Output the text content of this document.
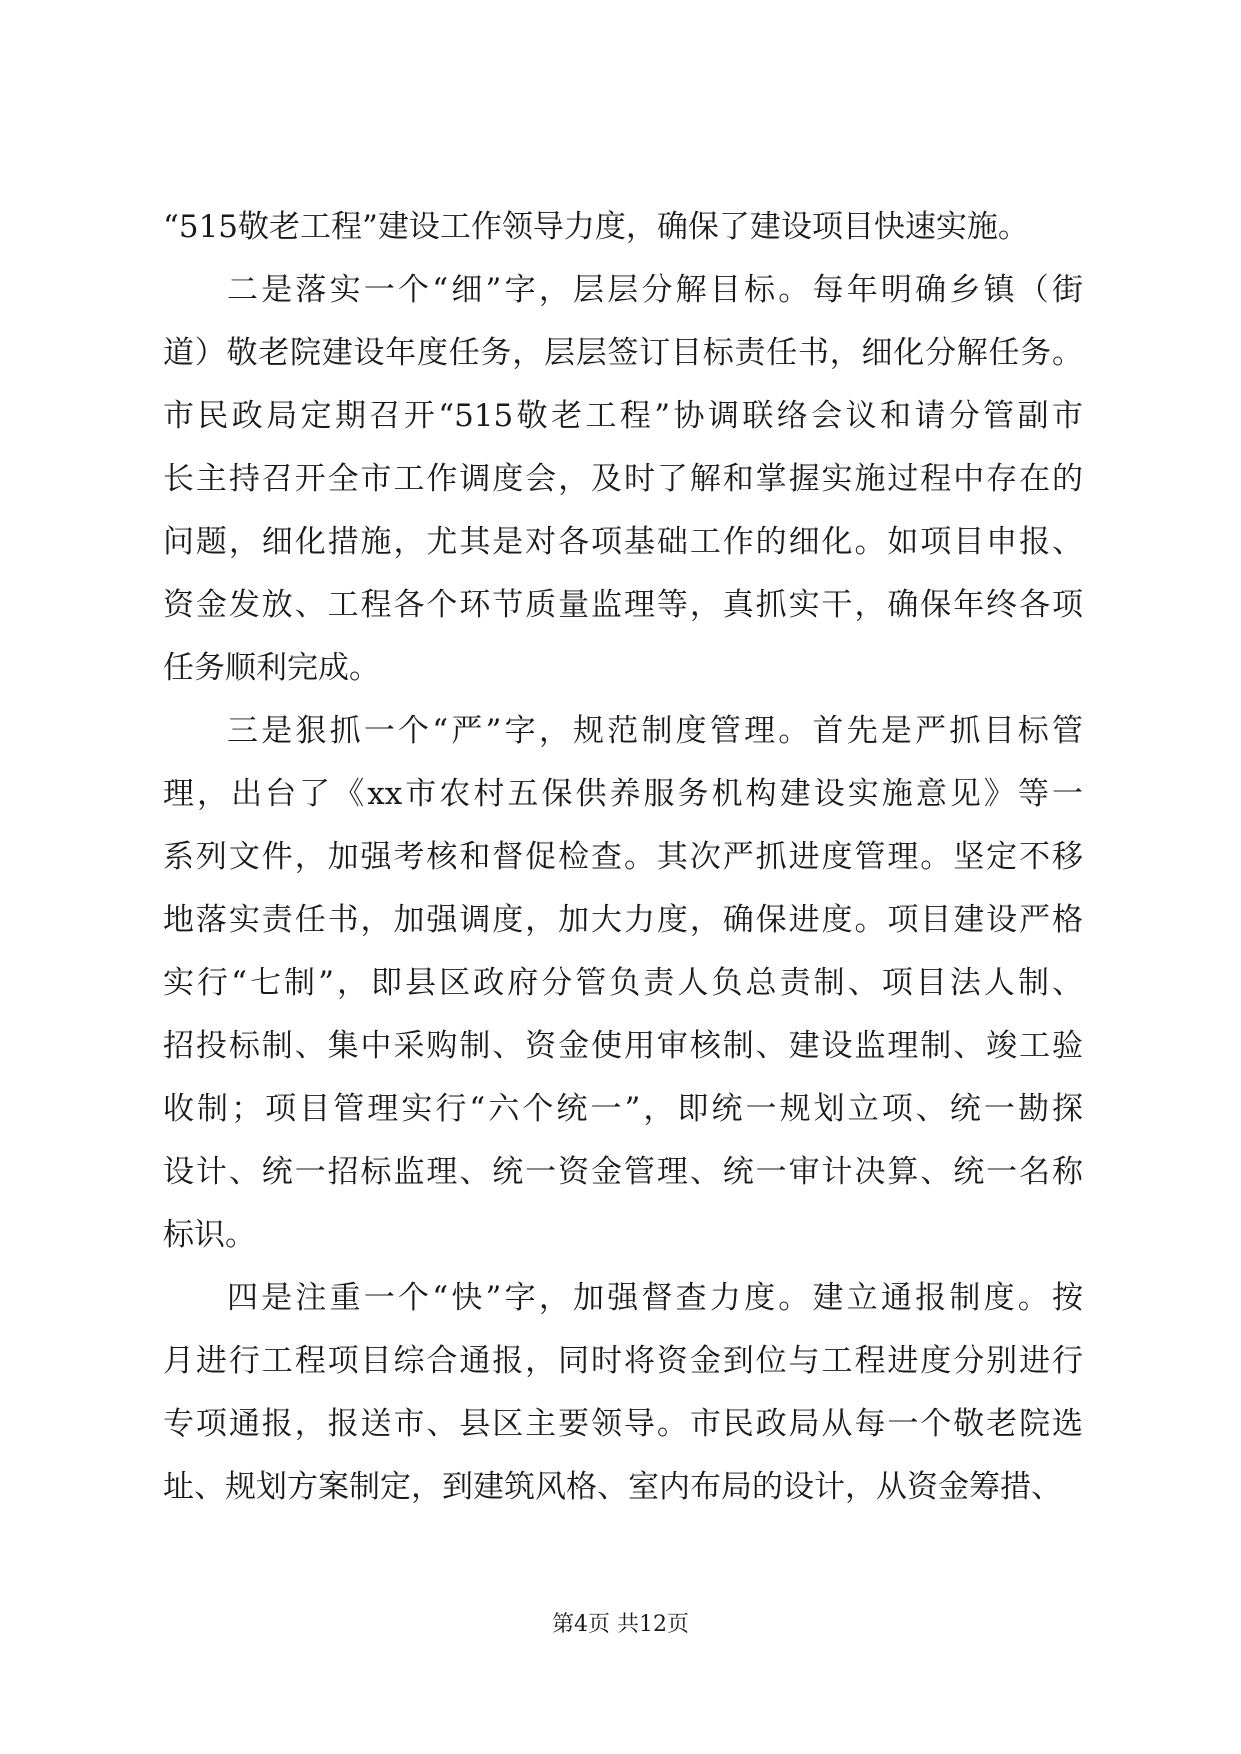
“515敬老工程”建设工作领导力度，确保了建设项目快速实施。
二是落实一个“细”字，层层分解目标。每年明确乡镇（街
道）敬老院建设年度任务，层层签订目标责任书，细化分解任务。
市民政局定期召开“515敬老工程”协调联络会议和请分管副市
长主持召开全市工作调度会，及时了解和掌握实施过程中存在的
问题，细化措施，尤其是对各项基础工作的细化。如项目申报、
资金发放、工程各个环节质量监理等，真抓实干，确保年终各项
任务顺利完成。
三是狠抓一个“严”字，规范制度管理。首先是严抓目标管
理，出台了《xx市农村五保供养服务机构建设实施意见》等一
系列文件，加强考核和督促检查。其次严抓进度管理。坚定不移
地落实责任书，加强调度，加大力度，确保进度。项目建设严格
实行“七制”，即县区政府分管负责人负总责制、项目法人制、
招投标制、集中采购制、资金使用审核制、建设监理制、竣工验
收制；项目管理实行“六个统一”，即统一规划立项、统一勘探
设计、统一招标监理、统一资金管理、统一审计决算、统一名称
标识。
四是注重一个“快”字，加强督查力度。建立通报制度。按
月进行工程项目综合通报，同时将资金到位与工程进度分别进行
专项通报，报送市、县区主要领导。市民政局从每一个敬老院选
址、规划方案制定，到建筑风格、室内布局的设计，从资金筹措、
第4页 共12页
